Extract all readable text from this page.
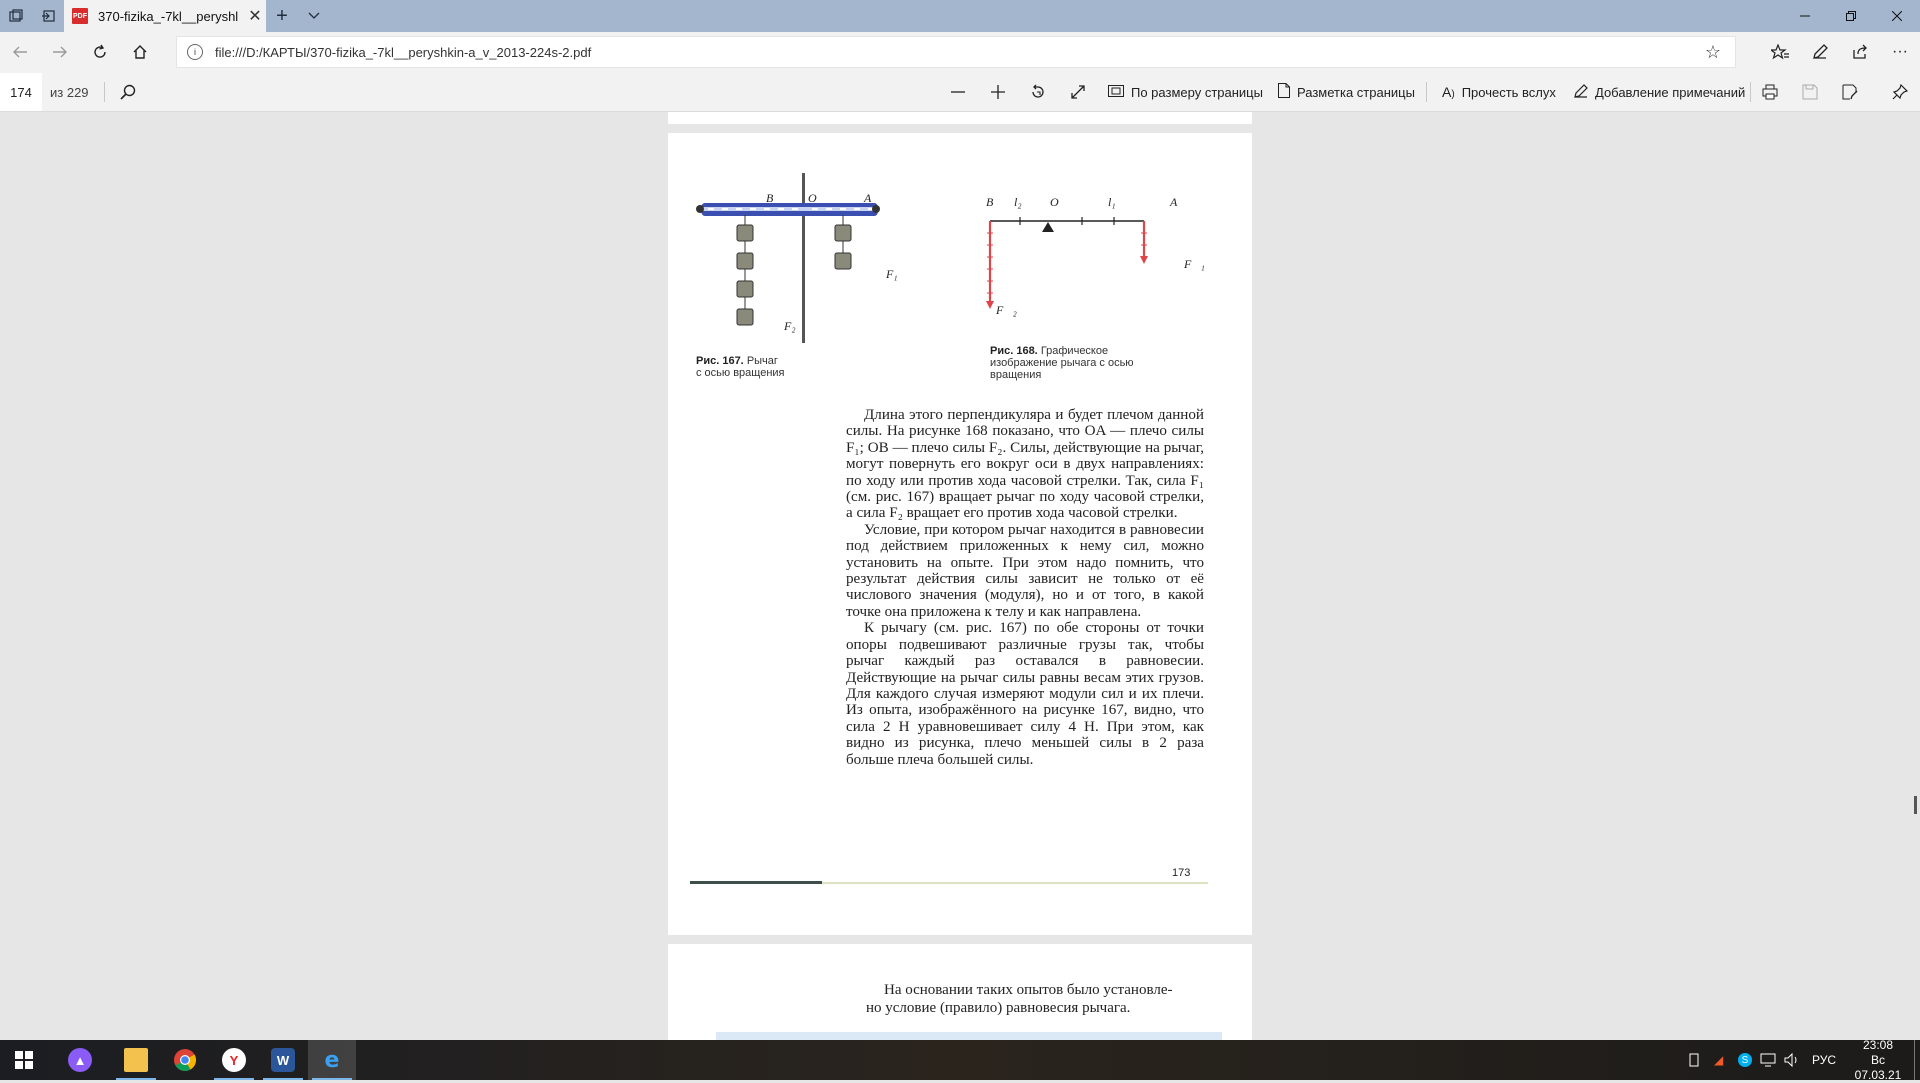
PDF 370-fizika_-7kl__peryshl ✕ +
i	file:///D:/КАРТЫ/370-fizika_-7kl__peryshkin-a_v_2013-224s-2.pdf	☆	···
174	из 229	По размеру страницы	Разметка страницы A) Прочесть вслух	Добавление примечаний
B	O	A
F₁
F₂
Рис. 167. Рычаг
с осью вращения
B l₂ O	l₁	A
F⃗₁
F⃗₂
Рис. 168. Графическое
изображение рычага с осью
вращения

Длина этого перпендикуляра и будет плечом данной силы. На рисунке 168 показано, что OA — плечо силы F₁; OB — плечо силы F₂. Силы, действующие на рычаг, могут повернуть его вокруг оси в двух направлениях: по ходу или против хода часовой стрелки. Так, сила F₁ (см. рис. 167) вращает рычаг по ходу часовой стрелки, а сила F₂ вращает его против хода часовой стрелки.

Условие, при котором рычаг находится в равновесии под действием приложенных к нему сил, можно установить на опыте. При этом надо помнить, что результат действия силы зависит не только от её числового значения (модуля), но и от того, в какой точке она приложена к телу и как направлена.

К рычагу (см. рис. 167) по обе стороны от точки опоры подвешивают различные грузы так, чтобы рычаг каждый раз оставался в равновесии. Действующие на рычаг силы равны весам этих грузов. Для каждого случая измеряют модули сил и их плечи. Из опыта, изображённого на рисунке 167, видно, что сила 2 Н уравновешивает силу 4 Н. При этом, как видно из рисунка, плечо меньшей силы в 2 раза больше плеча большей силы.

173
На основании таких опытов было установле-
но условие (правило) равновесия рычага.
▲	Y	W e	◢	S	РУС
23:08
Вс 07.03.21
